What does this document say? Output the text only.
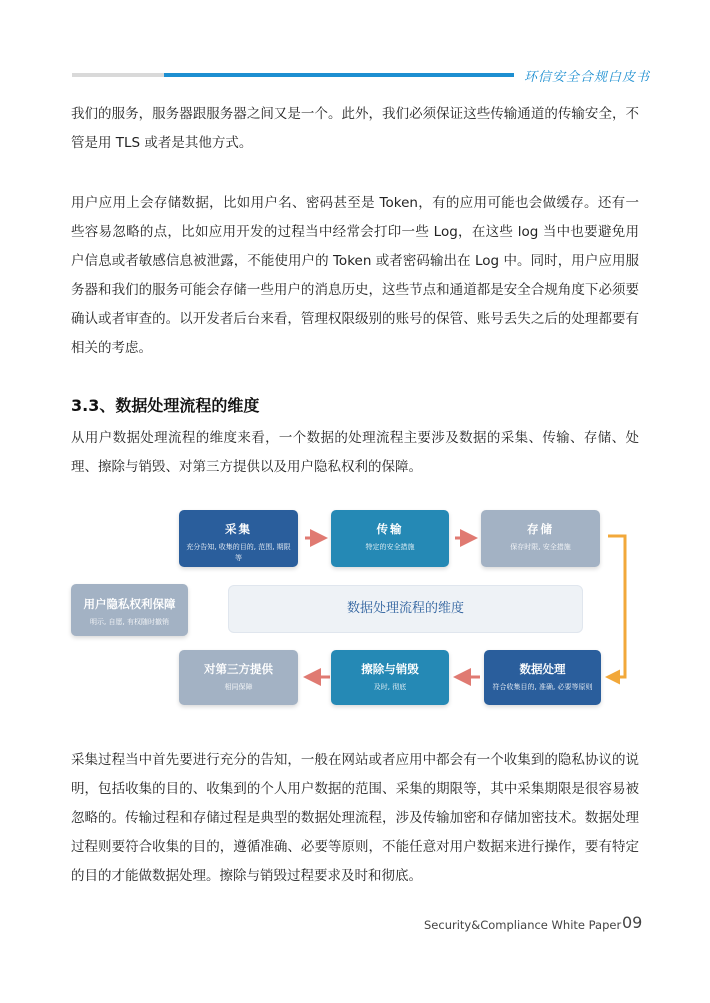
环信安全合规白皮书

我们的服务，服务器跟服务器之间又是一个。此外，我们必须保证这些传输通道的传输安全，不管是用 TLS 或者是其他方式。

用户应用上会存储数据，比如用户名、密码甚至是 Token，有的应用可能也会做缓存。还有一些容易忽略的点，比如应用开发的过程当中经常会打印一些 Log，在这些 log 当中也要避免用户信息或者敏感信息被泄露，不能使用户的 Token 或者密码输出在 Log 中。同时，用户应用服务器和我们的服务可能会存储一些用户的消息历史，这些节点和通道都是安全合规角度下必须要确认或者审查的。以开发者后台来看，管理权限级别的账号的保管、账号丢失之后的处理都要有相关的考虑。

3.3、数据处理流程的维度

从用户数据处理流程的维度来看，一个数据的处理流程主要涉及数据的采集、传输、存储、处理、擦除与销毁、对第三方提供以及用户隐私权利的保障。

采集
充分告知, 收集的目的, 范围, 期限等
传输
特定的安全措施
存储
保存时限, 安全措施
用户隐私权利保障
明示, 自愿, 有权随时撤销
数据处理流程的维度
对第三方提供
相同保障
擦除与销毁
及时, 彻底
数据处理
符合收集目的, 准确, 必要等原则

采集过程当中首先要进行充分的告知，一般在网站或者应用中都会有一个收集到的隐私协议的说明，包括收集的目的、收集到的个人用户数据的范围、采集的期限等，其中采集期限是很容易被忽略的。传输过程和存储过程是典型的数据处理流程，涉及传输加密和存储加密技术。数据处理过程则要符合收集的目的，遵循准确、必要等原则，不能任意对用户数据来进行操作，要有特定的目的才能做数据处理。擦除与销毁过程要求及时和彻底。

Security&Compliance White Paper 09
